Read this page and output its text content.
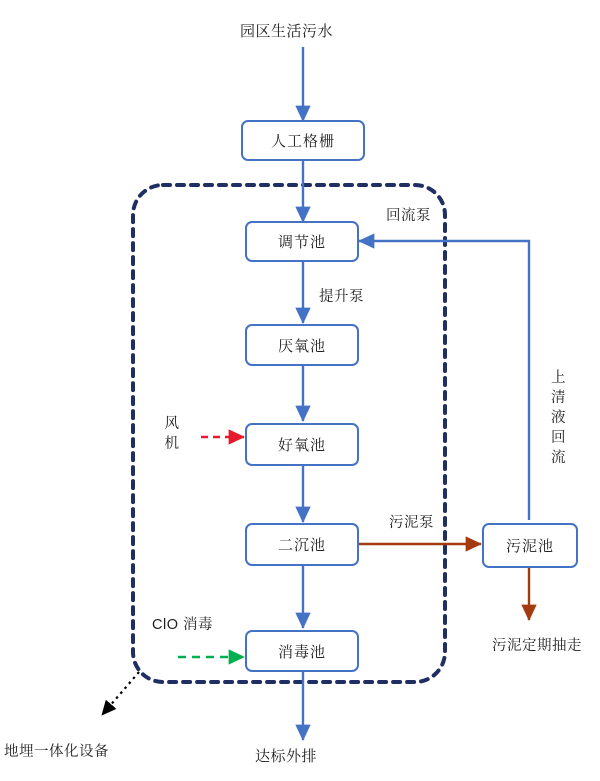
园区生活污水
回流泵
提升泵
风机
上清液回流
污泥泵
ClO 消毒
污泥定期抽走
地埋一体化设备	达标外排
人工格栅
调节池
厌氧池
好氧池
二沉池
消毒池
污泥池
